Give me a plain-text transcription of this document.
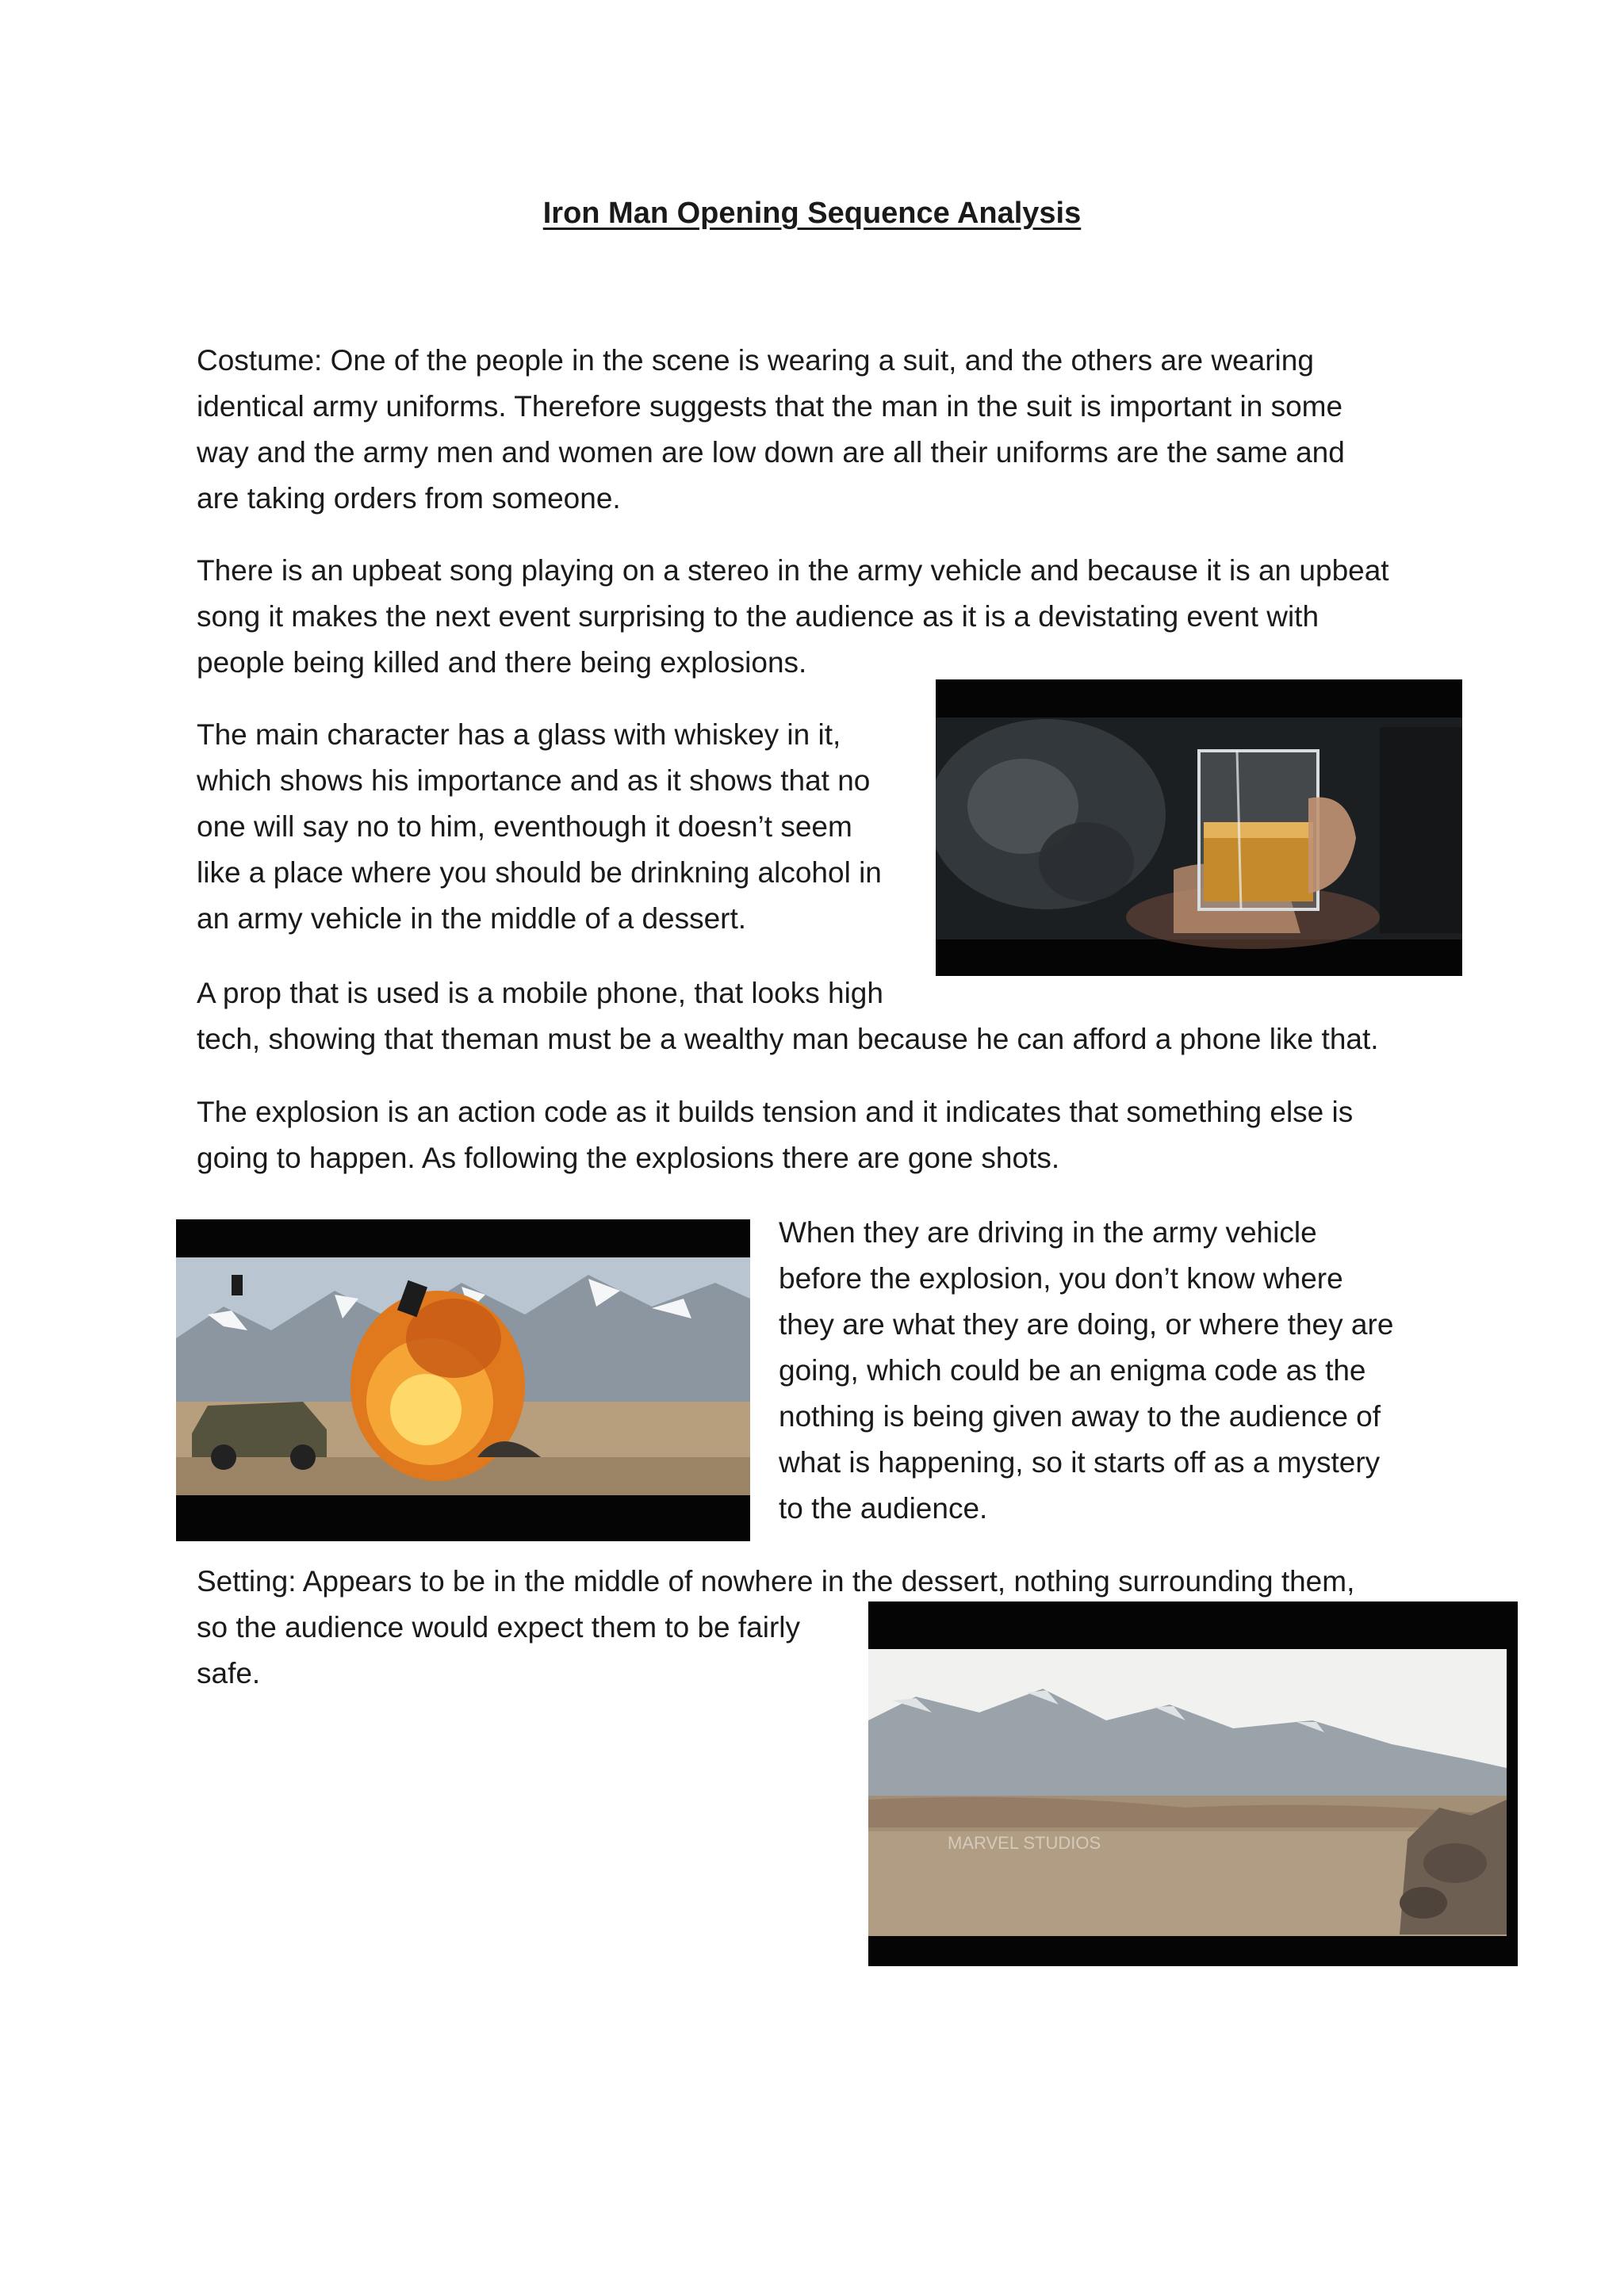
Iron Man Opening Sequence Analysis
Costume: One of the people in the scene is wearing a suit, and the others are wearing
identical army uniforms. Therefore suggests that the man in the suit is important in some
way and the army men and women are low down are all their uniforms are the same and
are taking orders from someone.
There is an upbeat song playing on a stereo in the army vehicle and because it is an upbeat
song it makes the next event surprising to the audience as it is a devistating event with
people being killed and there being explosions.
The main character has a glass with whiskey in it,
which shows his importance and as it shows that no
one will say no to him, eventhough it doesn’t seem
like a place where you should be drinkning alcohol in
an army vehicle in the middle of a dessert.
A prop that is used is a mobile phone, that looks high
tech, showing that theman must be a wealthy man because he can afford a phone like that.
The explosion is an action code as it builds tension and it indicates that something else is
going to happen. As following the explosions there are gone shots.
When they are driving in the army vehicle
before the explosion, you don’t know where
they are what they are doing, or where they are
going, which could be an enigma code as the
nothing is being given away to the audience of
what is happening, so it starts off as a mystery
to the audience.
MARVEL STUDIOS
Setting: Appears to be in the middle of nowhere in the dessert, nothing surrounding them,
so the audience would expect them to be fairly
safe.
